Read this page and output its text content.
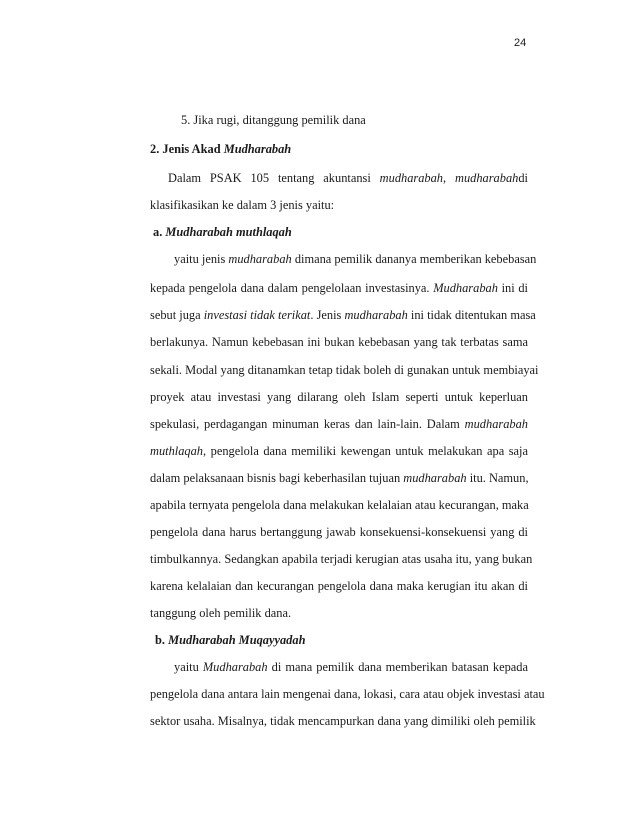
24
5. Jika rugi, ditanggung pemilik dana
2. Jenis Akad Mudharabah
Dalam PSAK 105 tentang akuntansi mudharabah, mudharabahdi
klasifikasikan ke dalam 3 jenis yaitu:
a. Mudharabah muthlaqah
yaitu jenis mudharabah dimana pemilik dananya memberikan kebebasan
kepada pengelola dana dalam pengelolaan investasinya. Mudharabah ini di
sebut juga investasi tidak terikat. Jenis mudharabah ini tidak ditentukan masa
berlakunya. Namun kebebasan ini bukan kebebasan yang tak terbatas sama
sekali. Modal yang ditanamkan tetap tidak boleh di gunakan untuk membiayai
proyek atau investasi yang dilarang oleh Islam seperti untuk keperluan
spekulasi, perdagangan minuman keras dan lain-lain. Dalam mudharabah
muthlaqah, pengelola dana memiliki kewengan untuk melakukan apa saja
dalam pelaksanaan bisnis bagi keberhasilan tujuan mudharabah itu. Namun,
apabila ternyata pengelola dana melakukan kelalaian atau kecurangan, maka
pengelola dana harus bertanggung jawab konsekuensi-konsekuensi yang di
timbulkannya. Sedangkan apabila terjadi kerugian atas usaha itu, yang bukan
karena kelalaian dan kecurangan pengelola dana maka kerugian itu akan di
tanggung oleh pemilik dana.
b. Mudharabah Muqayyadah
yaitu Mudharabah di mana pemilik dana memberikan batasan kepada
pengelola dana antara lain mengenai dana, lokasi, cara atau objek investasi atau
sektor usaha. Misalnya, tidak mencampurkan dana yang dimiliki oleh pemilik
